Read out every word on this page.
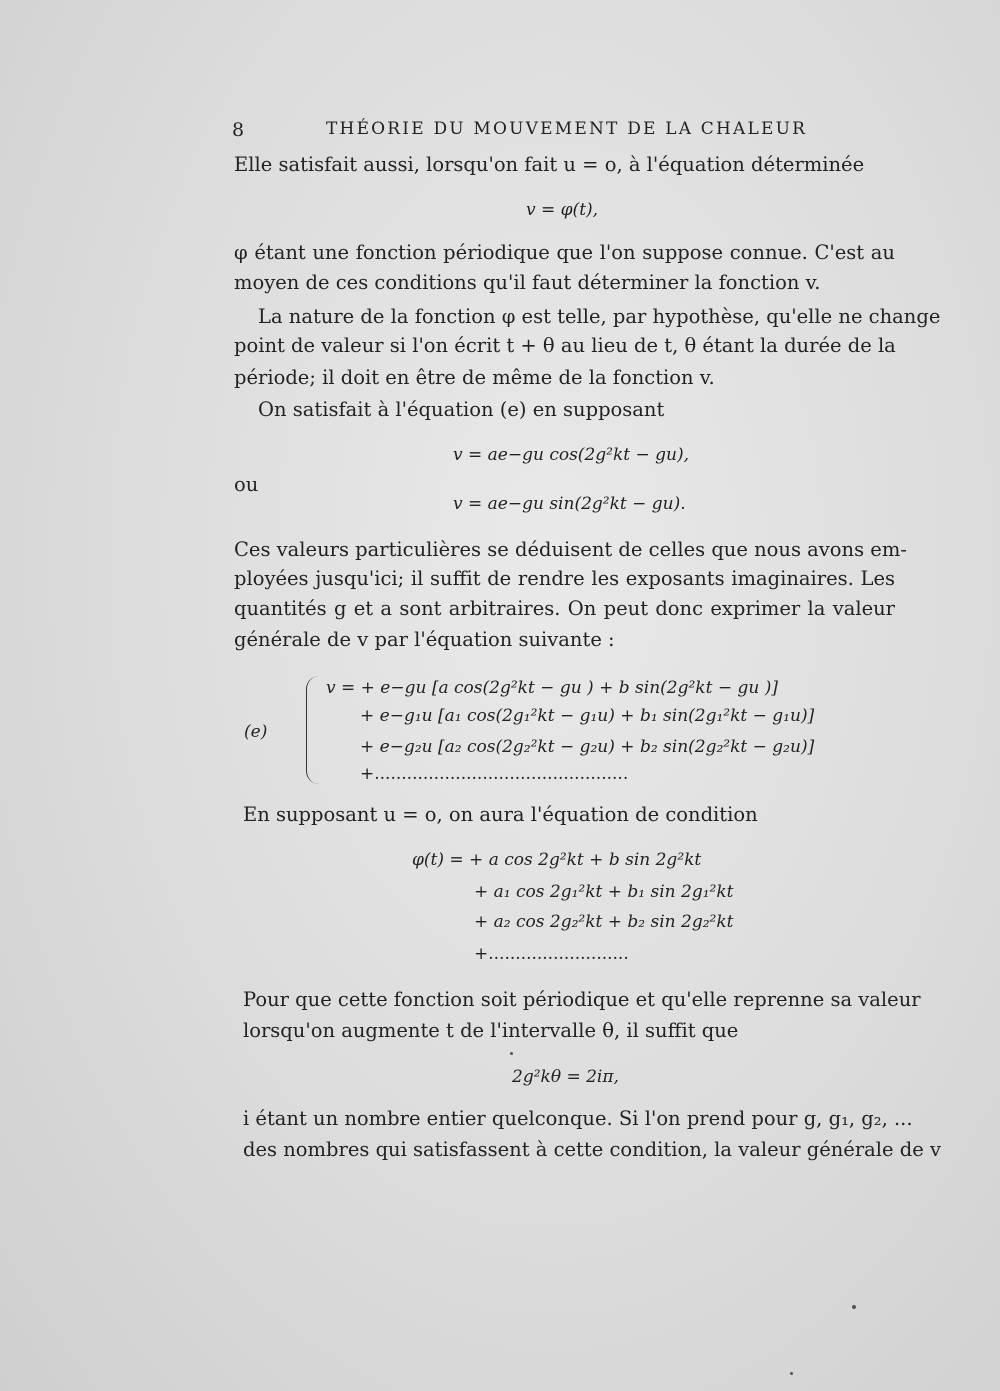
8	THÉORIE DU MOUVEMENT DE LA CHALEUR
Elle satisfait aussi, lorsqu'on fait u = o, à l'équation déterminée
v = φ(t),
φ étant une fonction périodique que l'on suppose connue. C'est au
moyen de ces conditions qu'il faut déterminer la fonction v.
La nature de la fonction φ est telle, par hypothèse, qu'elle ne change
point de valeur si l'on écrit t + θ au lieu de t, θ étant la durée de la
période; il doit en être de même de la fonction v.
On satisfait à l'équation (e) en supposant
v = ae−gu cos(2g²kt − gu),
ou
v = ae−gu sin(2g²kt − gu).
Ces valeurs particulières se déduisent de celles que nous avons em-
ployées jusqu'ici; il suffit de rendre les exposants imaginaires. Les
quantités g et a sont arbitraires. On peut donc exprimer la valeur
générale de v par l'équation suivante :
(e)
v = + e−gu [a cos(2g²kt − gu ) + b sin(2g²kt − gu )]
+ e−g₁u [a₁ cos(2g₁²kt − g₁u) + b₁ sin(2g₁²kt − g₁u)]
+ e−g₂u [a₂ cos(2g₂²kt − g₂u) + b₂ sin(2g₂²kt − g₂u)]
+...............................................
En supposant u = o, on aura l'équation de condition
φ(t) = + a cos 2g²kt + b sin 2g²kt
+ a₁ cos 2g₁²kt + b₁ sin 2g₁²kt
+ a₂ cos 2g₂²kt + b₂ sin 2g₂²kt
+..........................
Pour que cette fonction soit périodique et qu'elle reprenne sa valeur
lorsqu'on augmente t de l'intervalle θ, il suffit que
2g²kθ = 2iπ,
i étant un nombre entier quelconque. Si l'on prend pour g, g₁, g₂, ...
des nombres qui satisfassent à cette condition, la valeur générale de v
